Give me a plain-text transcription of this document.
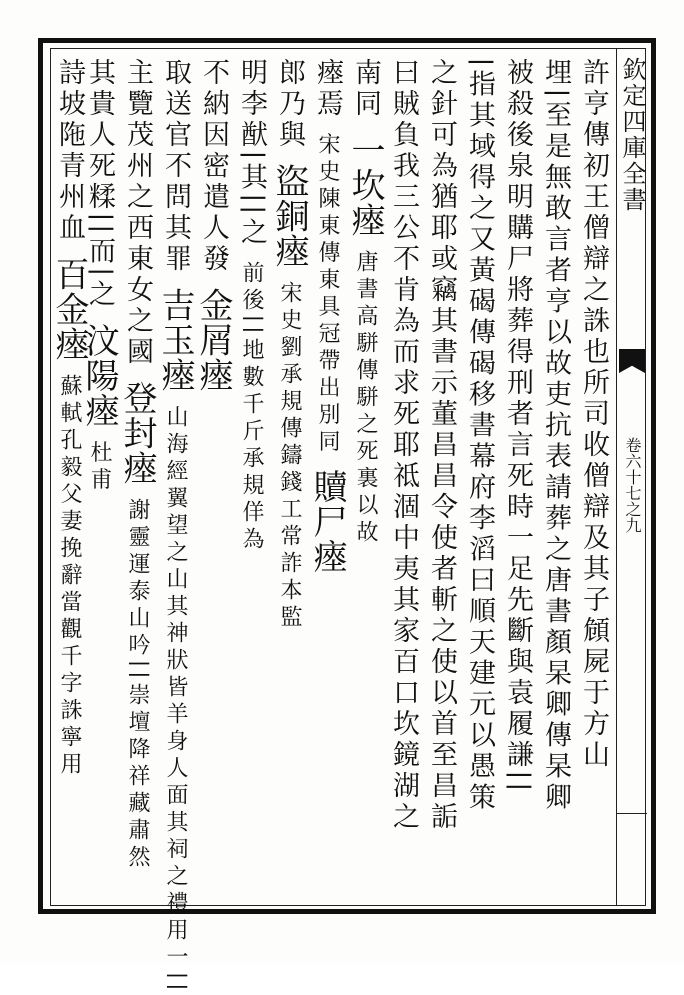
欽定四庫全書
卷六十七之九
許亨傳初王僧辯之誅也所司收僧辯及其子頠屍于方山
埋∣至是無敢言者亨以故吏抗表請葬之唐書顏杲卿傳杲卿
被殺後泉明購尸將葬得刑者言死時一足先斷與袁履謙∣∣
∣指其域得之又黃碣傳碣移書幕府李滔曰順天建元以愚策
之針可為猶耶或竊其書示董昌昌令使者斬之使以首至昌詬
曰賊負我三公不肯為而求死耶祗涸中夷其家百口坎鏡湖之
南同 一坎瘞 唐書高駢傳駢之死裏以故
瘞焉 宋史陳東傳東具冠帶出別同 贖尸瘞
郎乃與 盜銅瘞 宋史劉承規傳鑄錢工常詐本監
明李猷∣其∣∣之 前後∣∣地數千斤承規佯為
不納因密遣人發 金屑瘞
取送官不問其罪 吉玉瘞 山海經翼望之山其神狀皆羊身人面其祠之禮用一∣∣
主覽茂州之西東女之國 登封瘞 謝靈運泰山吟∣∣崇壇降祥藏肅然
其貴人死糅∣∣而∣之 汶陽瘞 杜甫
詩坡陁青州血 百金瘞 蘇軾孔毅父妻挽辭當觀千字誅寧用
